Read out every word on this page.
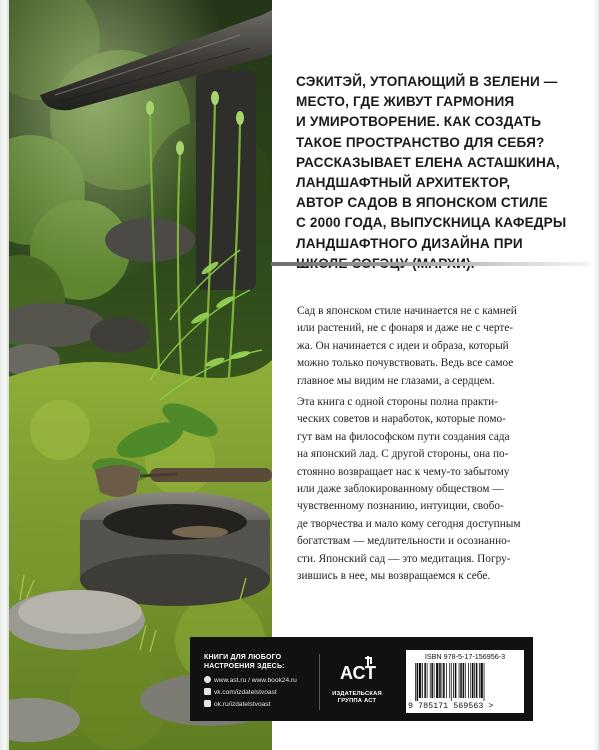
СЭКИТЭЙ, УТОПАЮЩИЙ В ЗЕЛЕНИ —
МЕСТО, ГДЕ ЖИВУТ ГАРМОНИЯ
И УМИРОТВОРЕНИЕ. КАК СОЗДАТЬ
ТАКОЕ ПРОСТРАНСТВО ДЛЯ СЕБЯ?
РАССКАЗЫВАЕТ ЕЛЕНА АСТАШКИНА,
ЛАНДШАФТНЫЙ АРХИТЕКТОР,
АВТОР САДОВ В ЯПОНСКОМ СТИЛЕ
С 2000 ГОДА, ВЫПУСКНИЦА КАФЕДРЫ
ЛАНДШАФТНОГО ДИЗАЙНА ПРИ

Сад в японском стиле начинается не с камней
или растений, не с фонаря и даже не с черте-
жа. Он начинается с идеи и образа, который
можно только почувствовать. Ведь все самое
главное мы видим не глазами, а сердцем.

Эта книга с одной стороны полна практи-
ческих советов и наработок, которые помо-
гут вам на философском пути создания сада
на японский лад. С другой стороны, она по-
стоянно возвращает нас к чему-то забытому
или даже заблокированному обществом —
чувственному познанию, интуиции, свобо-
де творчества и мало кому сегодня доступным
богатствам — медлительности и осознанно-
сти. Японский сад — это медитация. Погру-
зившись в нее, мы возвращаемся к себе.

КНИГИ ДЛЯ ЛЮБОГО
НАСТРОЕНИЯ ЗДЕСЬ:

www.ast.ru / www.book24.ru
vk.com/izdatelstvoast
ok.ru/izdatelstvoast
АСТ
ИЗДАТЕЛЬСКАЯ
ГРУППА АСТ
ISBN 978-5-17-156956-3
9 785171 569563 >
